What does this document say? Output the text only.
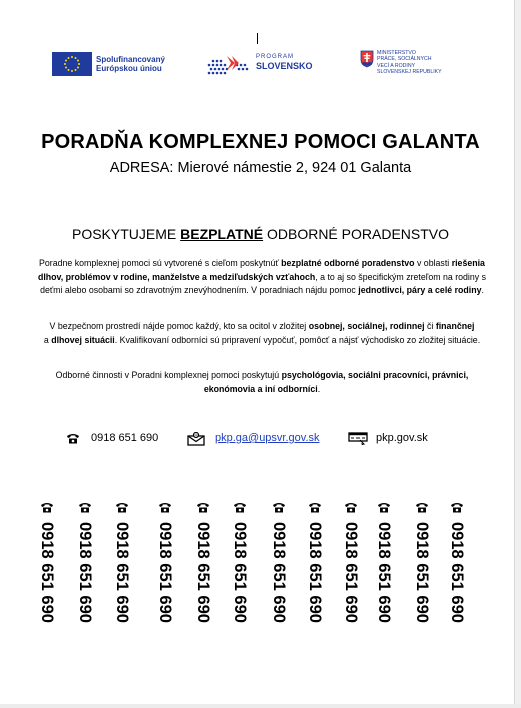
Spolufinancovaný
Európskou úniou
PROGRAM
SLOVENSKO
MINISTERSTVO
PRÁCE, SOCIÁLNYCH
VECÍ A RODINY
SLOVENSKEJ REPUBLIKY
PORADŇA KOMPLEXNEJ POMOCI GALANTA
ADRESA: Mierové námestie 2, 924 01 Galanta
POSKYTUJEME BEZPLATNÉ ODBORNÉ PORADENSTVO
Poradne komplexnej pomoci sú vytvorené s cieľom poskytnúť bezplatné odborné poradenstvo v oblasti riešenia dlhov, problémov v rodine, manželstve a medziľudských vzťahoch, a to aj so špecifickým zreteľom na rodiny s deťmi alebo osobami so zdravotným znevýhodnením. V poradniach nájdu pomoc jednotlivci, páry a celé rodiny.
V bezpečnom prostredí nájde pomoc každý, kto sa ocitol v zložitej osobnej, sociálnej, rodinnej či finančnej
a dlhovej situácii. Kvalifikovaní odborníci sú pripravení vypočuť, pomôcť a nájsť východisko zo zložitej situácie.
Odborné činnosti v Poradni komplexnej pomoci poskytujú psychológovia, sociálni pracovníci, právnici, ekonómovia a iní odborníci.
0918 651 690	@ pkp.ga@upsvr.gov.sk	pkp.gov.sk
0918 651 690 0918 651 690 0918 651 690 0918 651 690 0918 651 690 0918 651 690 0918 651 690 0918 651 690 0918 651 690 0918 651 690 0918 651 690 0918 651 690
